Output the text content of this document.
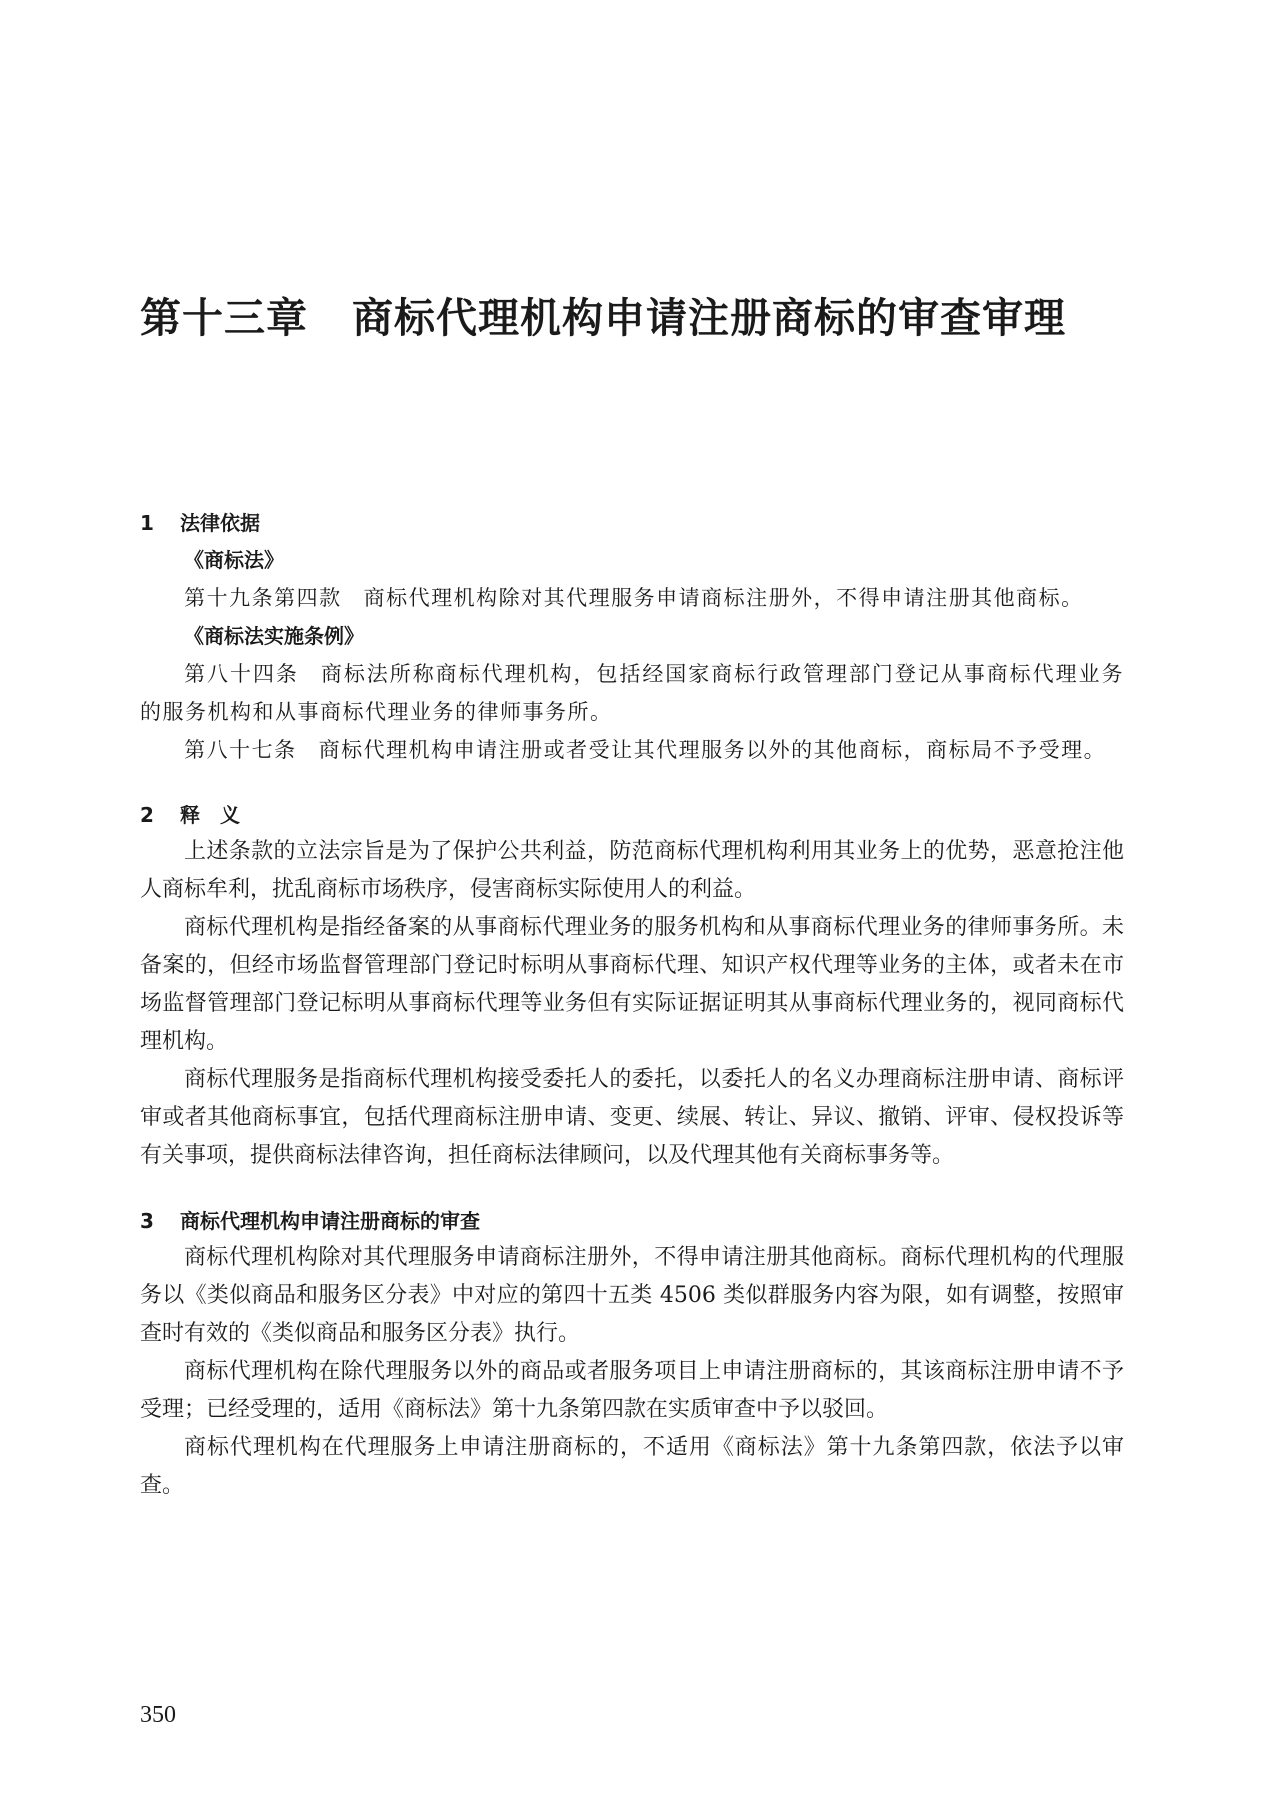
第十三章 商标代理机构申请注册商标的审查审理
1 法律依据
《商标法》

第十九条第四款 商标代理机构除对其代理服务申请商标注册外，不得申请注册其他商标。

《商标法实施条例》

第八十四条 商标法所称商标代理机构，包括经国家商标行政管理部门登记从事商标代理业务的服务机构和从事商标代理业务的律师事务所。

第八十七条 商标代理机构申请注册或者受让其代理服务以外的其他商标，商标局不予受理。

2 释　义

上述条款的立法宗旨是为了保护公共利益，防范商标代理机构利用其业务上的优势，恶意抢注他人商标牟利，扰乱商标市场秩序，侵害商标实际使用人的利益。

商标代理机构是指经备案的从事商标代理业务的服务机构和从事商标代理业务的律师事务所。未备案的，但经市场监督管理部门登记时标明从事商标代理、知识产权代理等业务的主体，或者未在市场监督管理部门登记标明从事商标代理等业务但有实际证据证明其从事商标代理业务的，视同商标代理机构。

商标代理服务是指商标代理机构接受委托人的委托，以委托人的名义办理商标注册申请、商标评审或者其他商标事宜，包括代理商标注册申请、变更、续展、转让、异议、撤销、评审、侵权投诉等有关事项，提供商标法律咨询，担任商标法律顾问，以及代理其他有关商标事务等。

3 商标代理机构申请注册商标的审查

商标代理机构除对其代理服务申请商标注册外，不得申请注册其他商标。商标代理机构的代理服务以《类似商品和服务区分表》中对应的第四十五类 4506 类似群服务内容为限，如有调整，按照审查时有效的《类似商品和服务区分表》执行。

商标代理机构在除代理服务以外的商品或者服务项目上申请注册商标的，其该商标注册申请不予受理；已经受理的，适用《商标法》第十九条第四款在实质审查中予以驳回。

商标代理机构在代理服务上申请注册商标的，不适用《商标法》第十九条第四款，依法予以审查。

350
